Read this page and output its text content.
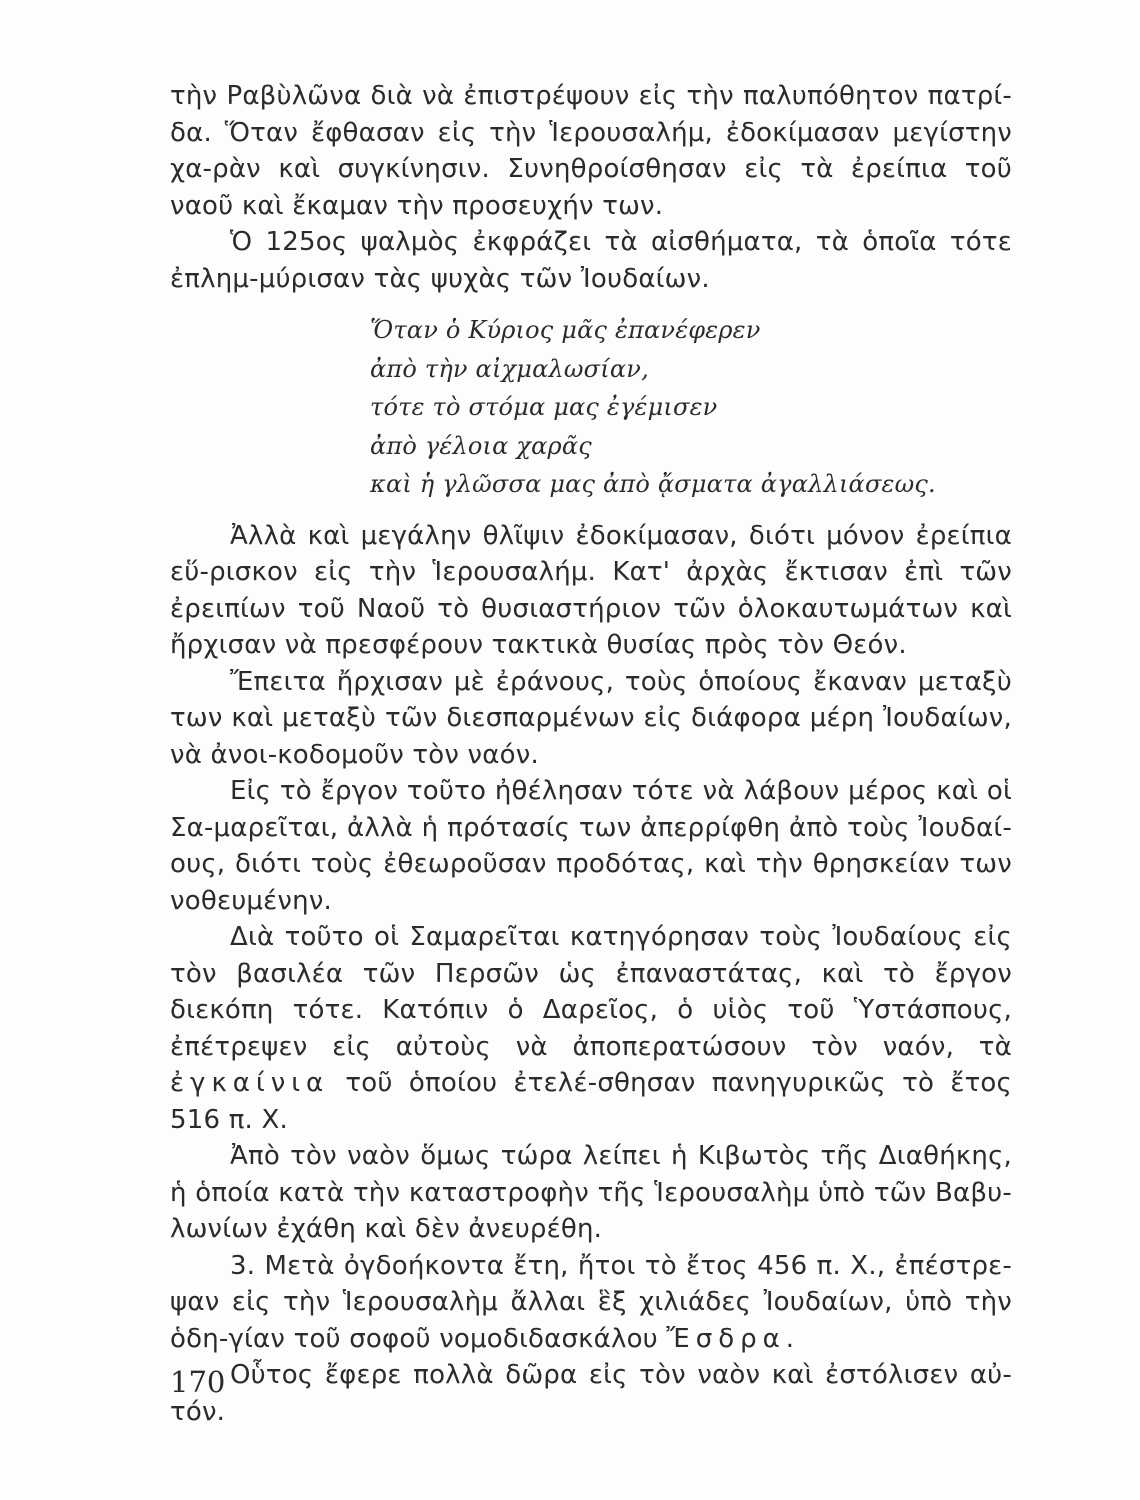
τὴν Ραβὺλῶνα διὰ νὰ ἐπιστρέψουν εἰς τὴν παλυπόθητον πατρί-δα. Ὅταν ἔφθασαν εἰς τὴν Ἱερουσαλήμ, ἐδοκίμασαν μεγίστην χα-ρὰν καὶ συγκίνησιν. Συνηθροίσθησαν εἰς τὰ ἐρείπια τοῦ ναοῦ καὶ ἔκαμαν τὴν προσευχήν των.

Ὁ 125ος ψαλμὸς ἐκφράζει τὰ αἰσθήματα, τὰ ὁποῖα τότε ἐπλημ-μύρισαν τὰς ψυχὰς τῶν Ἰουδαίων.

Ὅταν ὁ Κύριος μᾶς ἐπανέφερεν
ἀπὸ τὴν αἰχμαλωσίαν,
τότε τὸ στόμα μας ἐγέμισεν
ἀπὸ γέλοια χαρᾶς
καὶ ἡ γλῶσσα μας ἀπὸ ᾄσματα ἀγαλλιάσεως.

Ἀλλὰ καὶ μεγάλην θλῖψιν ἐδοκίμασαν, διότι μόνον ἐρείπια εὕ-ρισκον εἰς τὴν Ἱερουσαλήμ. Κατ' ἀρχὰς ἔκτισαν ἐπὶ τῶν ἐρειπίων τοῦ Ναοῦ τὸ θυσιαστήριον τῶν ὁλοκαυτωμάτων καὶ ἤρχισαν νὰ πρεσφέρουν τακτικὰ θυσίας πρὸς τὸν Θεόν.

Ἔπειτα ἤρχισαν μὲ ἐράνους, τοὺς ὁποίους ἔκαναν μεταξὺ των καὶ μεταξὺ τῶν διεσπαρμένων εἰς διάφορα μέρη Ἰουδαίων, νὰ ἀνοι-κοδομοῦν τὸν ναόν.

Εἰς τὸ ἔργον τοῦτο ἠθέλησαν τότε νὰ λάβουν μέρος καὶ οἱ Σα-μαρεῖται, ἀλλὰ ἡ πρότασίς των ἀπερρίφθη ἀπὸ τοὺς Ἰουδαί-ους, διότι τοὺς ἐθεωροῦσαν προδότας, καὶ τὴν θρησκείαν των νοθευμένην.

Διὰ τοῦτο οἱ Σαμαρεῖται κατηγόρησαν τοὺς Ἰουδαίους εἰς τὸν βασιλέα τῶν Περσῶν ὡς ἐπαναστάτας, καὶ τὸ ἔργον διεκόπη τότε. Κατόπιν ὁ Δαρεῖος, ὁ υἱὸς τοῦ Ὑστάσπους, ἐπέτρεψεν εἰς αὐτοὺς νὰ ἀποπερατώσουν τὸν ναόν, τὰ ἐγκαίνια τοῦ ὁποίου ἐτελέ-σθησαν πανηγυρικῶς τὸ ἔτος 516 π. Χ.

Ἀπὸ τὸν ναὸν ὅμως τώρα λείπει ἡ Κιβωτὸς τῆς Διαθήκης, ἡ ὁποία κατὰ τὴν καταστροφὴν τῆς Ἱερουσαλὴμ ὑπὸ τῶν Βαβυ-λωνίων ἐχάθη καὶ δὲν ἀνευρέθη.

3. Μετὰ ὀγδοήκοντα ἔτη, ἤτοι τὸ ἔτος 456 π. Χ., ἐπέστρε-ψαν εἰς τὴν Ἱερουσαλὴμ ἄλλαι ἓξ χιλιάδες Ἰουδαίων, ὑπὸ τὴν ὁδη-γίαν τοῦ σοφοῦ νομοδιδασκάλου Ἔσδρα.

Οὗτος ἔφερε πολλὰ δῶρα εἰς τὸν ναὸν καὶ ἐστόλισεν αὐ-τόν.

170
